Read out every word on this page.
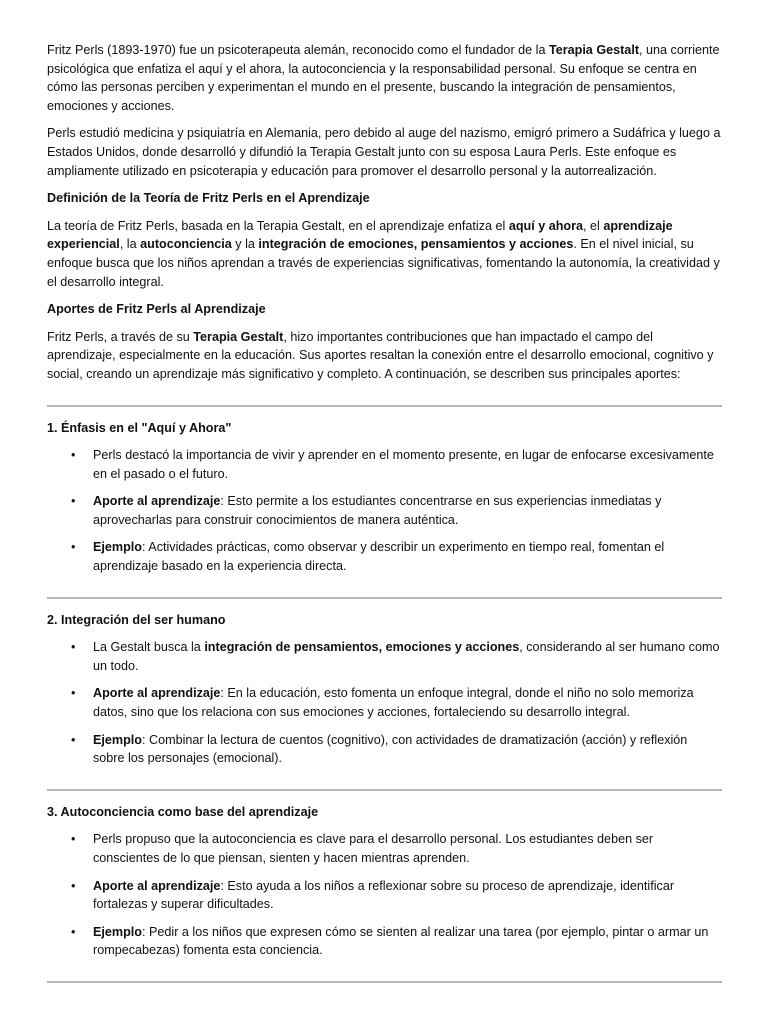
Fritz Perls (1893-1970) fue un psicoterapeuta alemán, reconocido como el fundador de la Terapia Gestalt, una corriente psicológica que enfatiza el aquí y el ahora, la autoconciencia y la responsabilidad personal. Su enfoque se centra en cómo las personas perciben y experimentan el mundo en el presente, buscando la integración de pensamientos, emociones y acciones.

Perls estudió medicina y psiquiatría en Alemania, pero debido al auge del nazismo, emigró primero a Sudáfrica y luego a Estados Unidos, donde desarrolló y difundió la Terapia Gestalt junto con su esposa Laura Perls. Este enfoque es ampliamente utilizado en psicoterapia y educación para promover el desarrollo personal y la autorrealización.

Definición de la Teoría de Fritz Perls en el Aprendizaje

La teoría de Fritz Perls, basada en la Terapia Gestalt, en el aprendizaje enfatiza el aquí y ahora, el aprendizaje experiencial, la autoconciencia y la integración de emociones, pensamientos y acciones. En el nivel inicial, su enfoque busca que los niños aprendan a través de experiencias significativas, fomentando la autonomía, la creatividad y el desarrollo integral.

Aportes de Fritz Perls al Aprendizaje

Fritz Perls, a través de su Terapia Gestalt, hizo importantes contribuciones que han impactado el campo del aprendizaje, especialmente en la educación. Sus aportes resaltan la conexión entre el desarrollo emocional, cognitivo y social, creando un aprendizaje más significativo y completo. A continuación, se describen sus principales aportes:

1. Énfasis en el "Aquí y Ahora"
• Perls destacó la importancia de vivir y aprender en el momento presente, en lugar de enfocarse excesivamente en el pasado o el futuro.
• Aporte al aprendizaje: Esto permite a los estudiantes concentrarse en sus experiencias inmediatas y aprovecharlas para construir conocimientos de manera auténtica.
• Ejemplo: Actividades prácticas, como observar y describir un experimento en tiempo real, fomentan el aprendizaje basado en la experiencia directa.
2. Integración del ser humano
• La Gestalt busca la integración de pensamientos, emociones y acciones, considerando al ser humano como un todo.
• Aporte al aprendizaje: En la educación, esto fomenta un enfoque integral, donde el niño no solo memoriza datos, sino que los relaciona con sus emociones y acciones, fortaleciendo su desarrollo integral.
• Ejemplo: Combinar la lectura de cuentos (cognitivo), con actividades de dramatización (acción) y reflexión sobre los personajes (emocional).
3. Autoconciencia como base del aprendizaje
• Perls propuso que la autoconciencia es clave para el desarrollo personal. Los estudiantes deben ser conscientes de lo que piensan, sienten y hacen mientras aprenden.
• Aporte al aprendizaje: Esto ayuda a los niños a reflexionar sobre su proceso de aprendizaje, identificar fortalezas y superar dificultades.
• Ejemplo: Pedir a los niños que expresen cómo se sienten al realizar una tarea (por ejemplo, pintar o armar un rompecabezas) fomenta esta conciencia.
